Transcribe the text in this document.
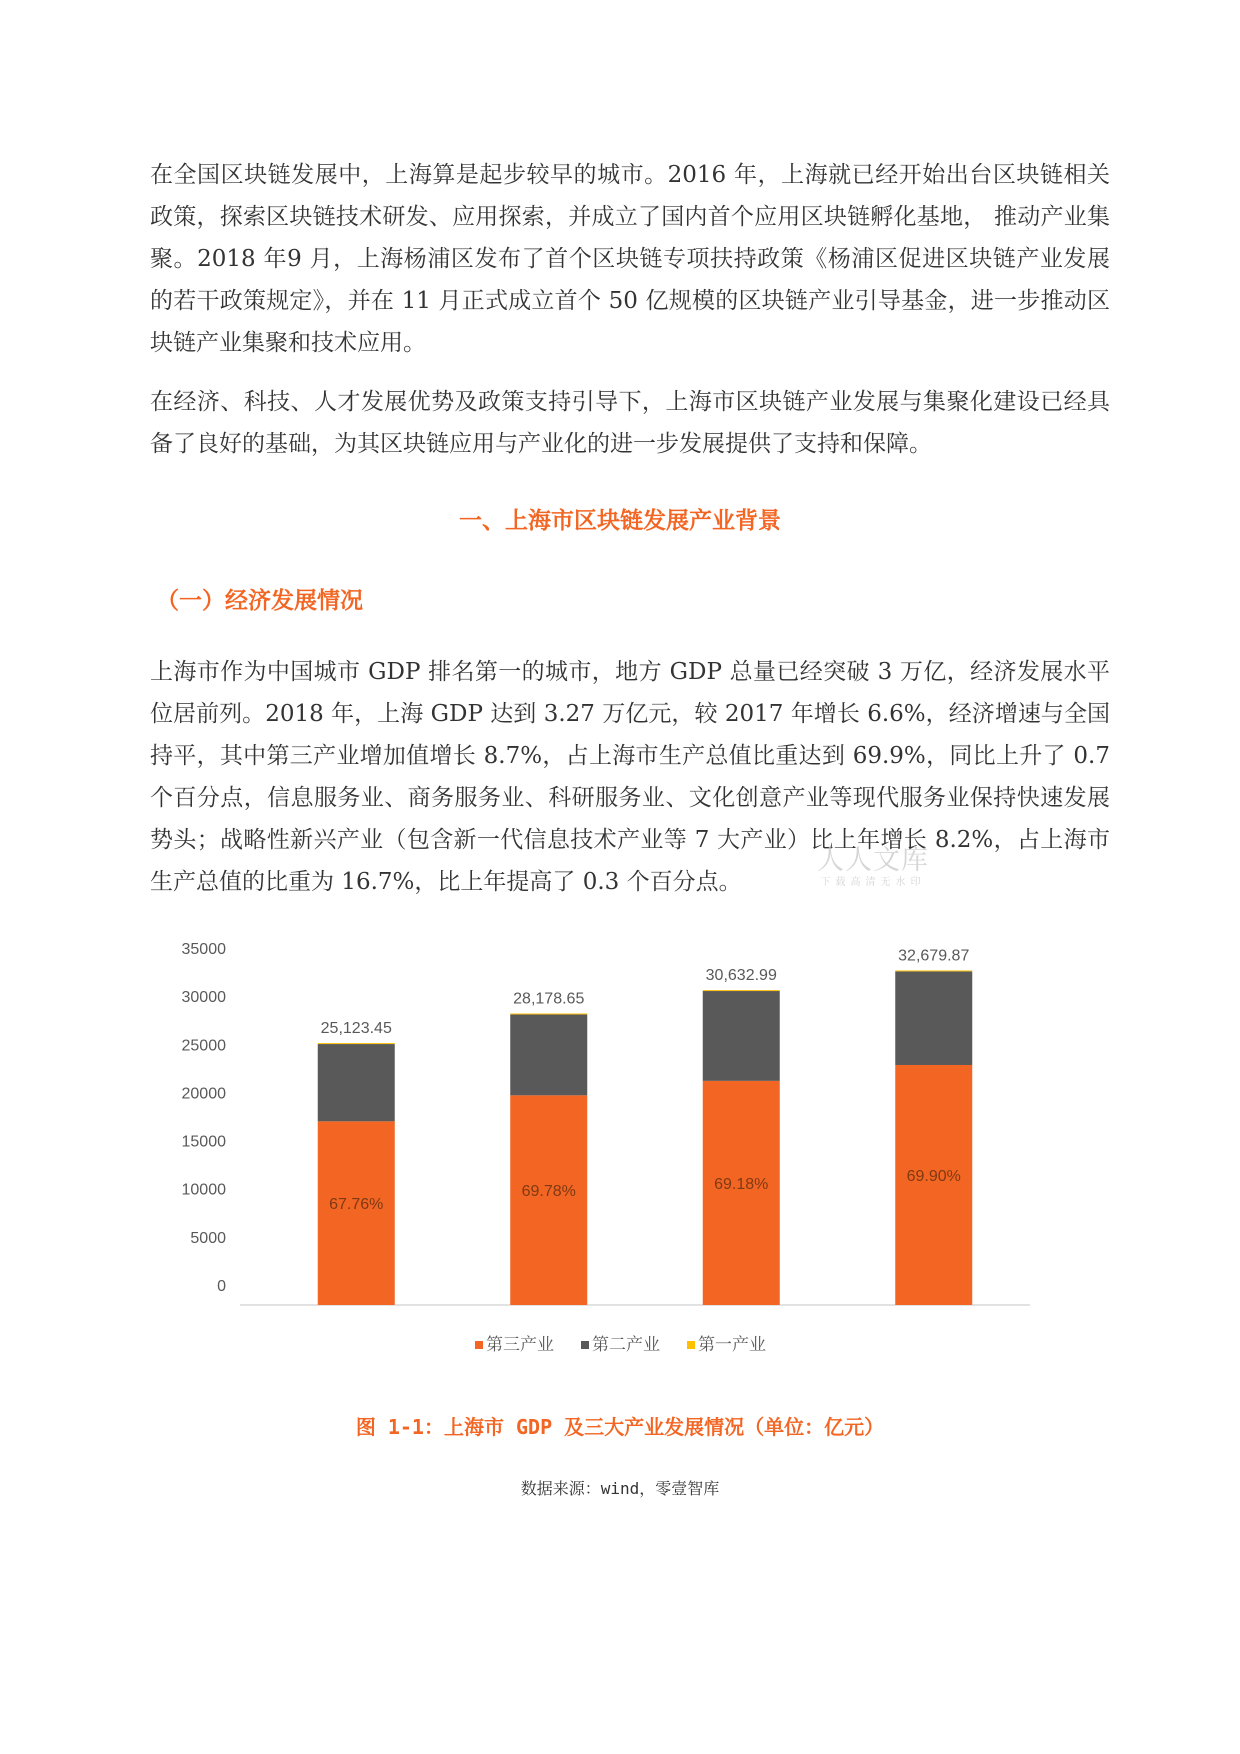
在全国区块链发展中，上海算是起步较早的城市。2016 年，上海就已经开始出台区块链相关政策，探索区块链技术研发、应用探索，并成立了国内首个应用区块链孵化基地， 推动产业集聚。2018 年9 月，上海杨浦区发布了首个区块链专项扶持政策《杨浦区促进区块链产业发展的若干政策规定》，并在 11 月正式成立首个 50 亿规模的区块链产业引导基金，进一步推动区块链产业集聚和技术应用。

在经济、科技、人才发展优势及政策支持引导下，上海市区块链产业发展与集聚化建设已经具备了良好的基础，为其区块链应用与产业化的进一步发展提供了支持和保障。

一、上海市区块链发展产业背景
（一）经济发展情况

上海市作为中国城市 GDP 排名第一的城市，地方 GDP 总量已经突破 3 万亿，经济发展水平位居前列。2018 年，上海 GDP 达到 3.27 万亿元，较 2017 年增长 6.6%，经济增速与全国持平，其中第三产业增加值增长 8.7%，占上海市生产总值比重达到 69.9%，同比上升了 0.7 个百分点，信息服务业、商务服务业、科研服务业、文化创意产业等现代服务业保持快速发展势头；战略性新兴产业（包含新一代信息技术产业等 7 大产业）比上年增长 8.2%，占上海市生产总值的比重为 16.7%，比上年提高了 0.3 个百分点。

人人文库
下载高清无水印
0
5000
10000
15000
20000
25000
30000
35000
67.76%
25,123.45
69.78%
28,178.65
69.18%
30,632.99
69.90%
32,679.87
第三产业 第二产业 第一产业

图 1-1：上海市 GDP 及三大产业发展情况（单位：亿元）

数据来源：wind，零壹智库
